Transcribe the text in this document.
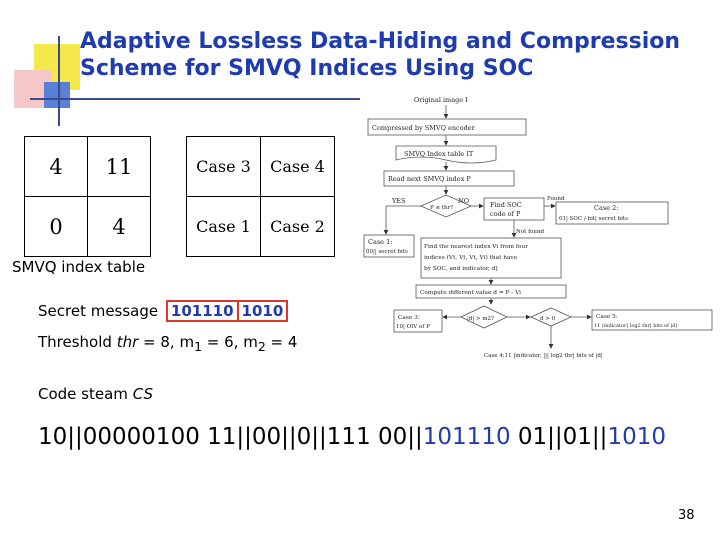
Adaptive Lossless Data-Hiding and Compression Scheme for SMVQ Indices Using SOC
4	11
0	4
Case 3	Case 4
Case 1	Case 2
SMVQ index table
Secret message 101110 1010
Threshold thr = 8, $m_1 = 6$, $m_2 = 4$
Code steam CS
10||00000100 11||00||0||111 00||101110 01||01||1010
38
Original image I
Compressed by SMVQ encoder
SMVQ Index table IT
Read next SMVQ index P
YES	NO
P ≤ thr?	Find SOC
code of P
Found
Case 2:
01| SOC /-bit| secret bits
Case 1:
00|| secret bits
Not found
Find the nearest index Vi from four
indices (Vt, Vt, Vt, Vi) that have
by SOC, and indicator, d]
Compute different value d = P - Vi
Case 3:
10| OIV of P
|d| > m2?	d > 0	Case 5:
11 |indicator| log2 thr| bits of |d|
Case 4:11 |indicator, ||| log2 thr| bits of |d|
